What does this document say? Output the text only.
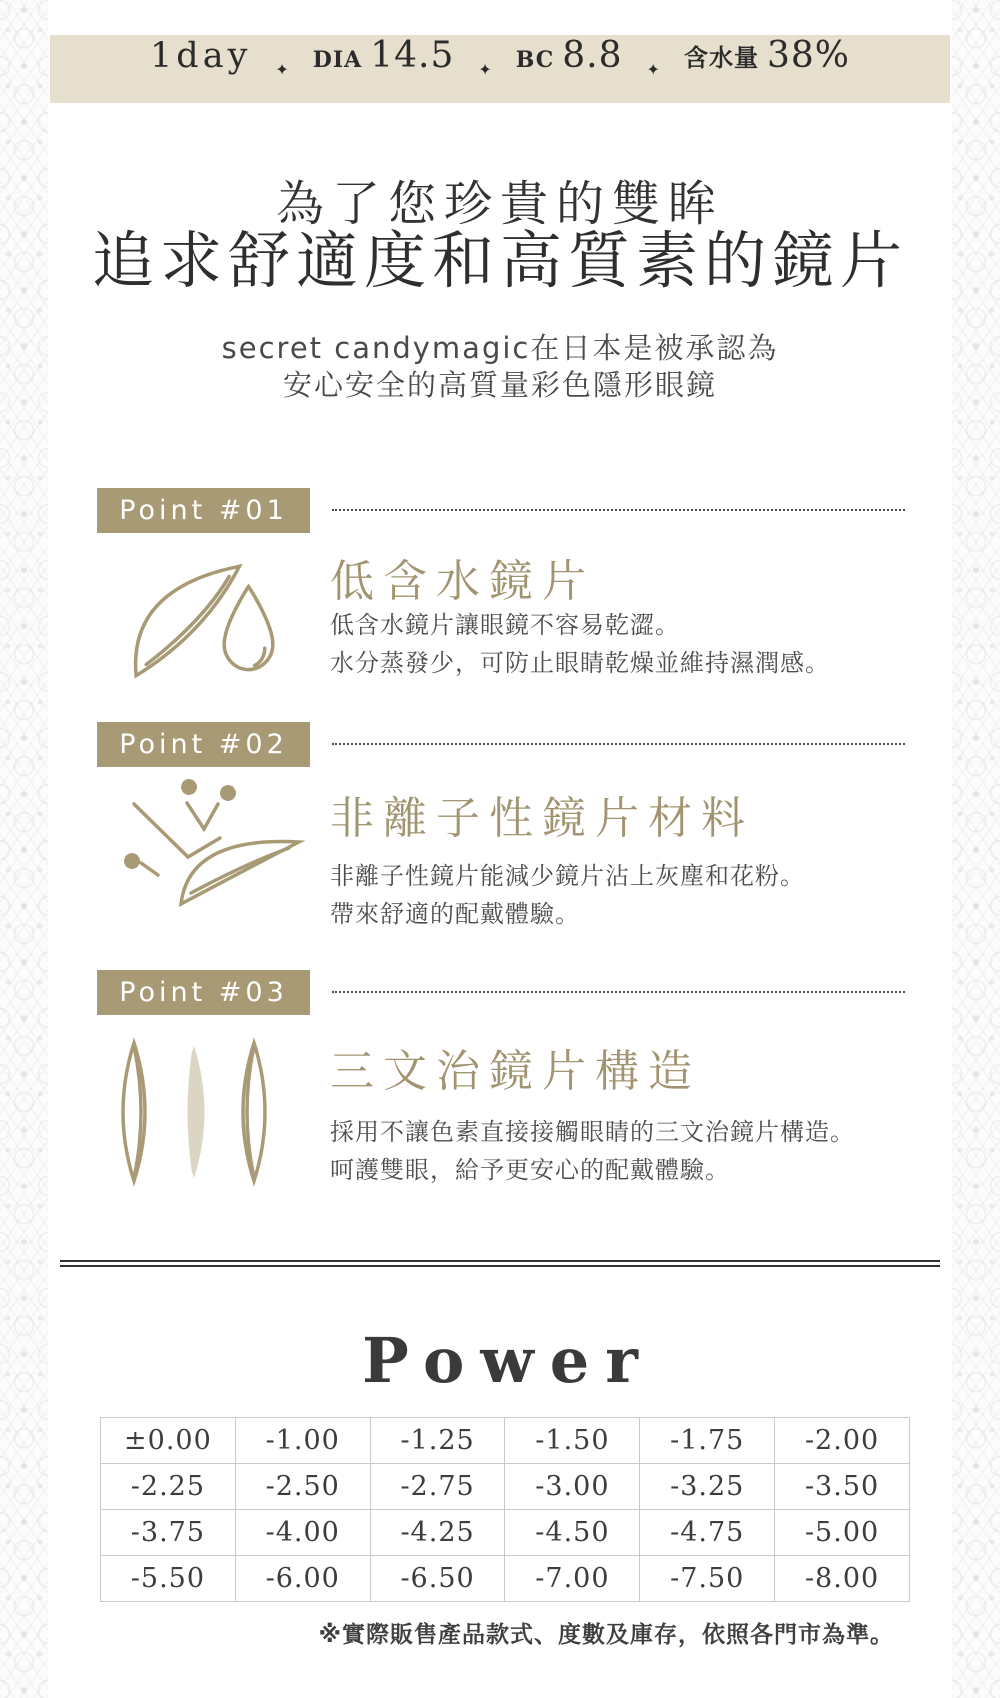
1day ✦ DIA 14.5 ✦ BC 8.8 ✦ 含水量 38%
為了您珍貴的雙眸
追求舒適度和高質素的鏡片
secret candymagic在日本是被承認為
安心安全的高質量彩色隱形眼鏡
Point #01
低含水鏡片
低含水鏡片讓眼鏡不容易乾澀。
水分蒸發少，可防止眼睛乾燥並維持濕潤感。
Point #02
非離子性鏡片材料
非離子性鏡片能減少鏡片沾上灰塵和花粉。
帶來舒適的配戴體驗。
Point #03
三文治鏡片構造
採用不讓色素直接接觸眼睛的三文治鏡片構造。
呵護雙眼，給予更安心的配戴體驗。
Power
±0.00	-1.00	-1.25	-1.50	-1.75	-2.00
-2.25	-2.50	-2.75	-3.00	-3.25	-3.50
-3.75	-4.00	-4.25	-4.50	-4.75	-5.00
-5.50	-6.00	-6.50	-7.00	-7.50	-8.00
※實際販售產品款式、度數及庫存，依照各門市為準。
